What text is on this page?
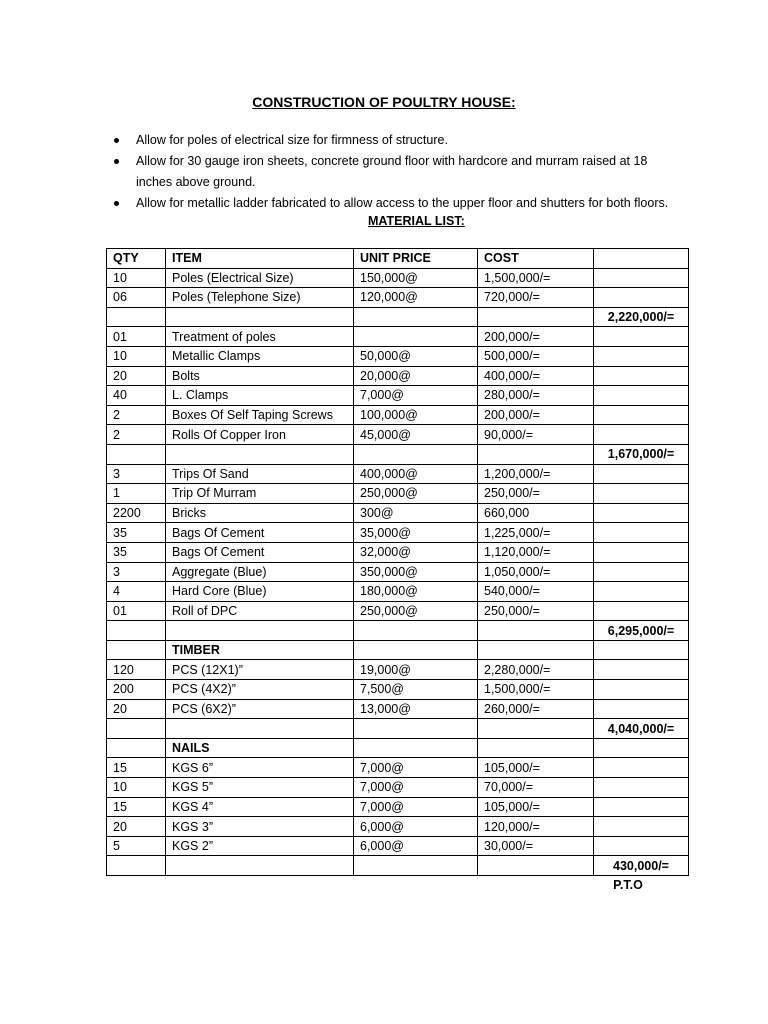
CONSTRUCTION OF POULTRY HOUSE:
Allow for poles of electrical size for firmness of structure.
Allow for 30 gauge iron sheets, concrete ground floor with hardcore and murram raised at 18 inches above ground.
Allow for metallic ladder fabricated to allow access to the upper floor and shutters for both floors.
MATERIAL LIST:
QTY	ITEM	UNIT PRICE	COST	
10	Poles (Electrical Size)	150,000@	1,500,000/=	
06	Poles (Telephone Size)	120,000@	720,000/=	
				2,220,000/=
01	Treatment of poles		200,000/=	
10	Metallic Clamps	50,000@	500,000/=	
20	Bolts	20,000@	400,000/=	
40	L. Clamps	7,000@	280,000/=	
2	Boxes Of Self Taping Screws	100,000@	200,000/=	
2	Rolls Of Copper Iron	45,000@	90,000/=	
				1,670,000/=
3	Trips Of Sand	400,000@	1,200,000/=	
1	Trip Of Murram	250,000@	250,000/=	
2200	Bricks	300@	660,000	
35	Bags Of Cement	35,000@	1,225,000/=	
35	Bags Of Cement	32,000@	1,120,000/=	
3	Aggregate (Blue)	350,000@	1,050,000/=	
4	Hard Core (Blue)	180,000@	540,000/=	
01	Roll of DPC	250,000@	250,000/=	
				6,295,000/=
	TIMBER			
120	PCS (12X1)”	19,000@	2,280,000/=	
200	PCS (4X2)”	7,500@	1,500,000/=	
20	PCS (6X2)”	13,000@	260,000/=	
				4,040,000/=
	NAILS			
15	KGS 6”	7,000@	105,000/=	
10	KGS 5”	7,000@	70,000/=	
15	KGS 4”	7,000@	105,000/=	
20	KGS 3”	6,000@	120,000/=	
5	KGS 2”	6,000@	30,000/=	
				430,000/=
P.T.O
